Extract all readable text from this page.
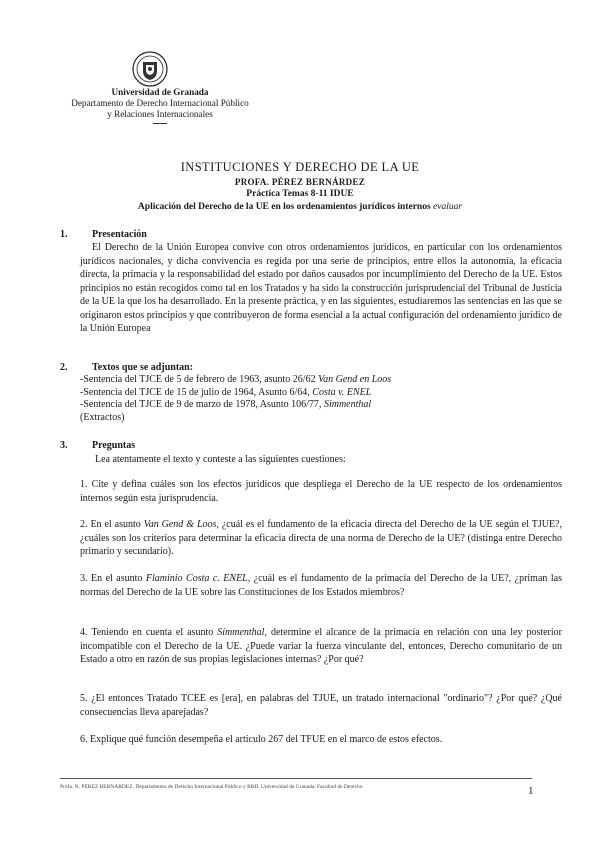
Universidad de Granada
Departamento de Derecho Internacional Público
y Relaciones Internacionales
INSTITUCIONES Y DERECHO DE LA UE
PROFA. PÉREZ BERNÁRDEZ
Práctica Temas 8-11 IDUE
Aplicación del Derecho de la UE en los ordenamientos jurídicos internos evaluar
1. Presentación
El Derecho de la Unión Europea convive con otros ordenamientos jurídicos, en particular con los ordenamientos jurídicos nacionales, y dicha convivencia es regida por una serie de principios, entre ellos la autonomía, la eficacia directa, la primacía y la responsabilidad del estado por daños causados por incumplimiento del Derecho de la UE. Estos principios no están recogidos como tal en los Tratados y ha sido la construcción jurisprudencial del Tribunal de Justicia de la UE la que los ha desarrollado. En la presente práctica, y en las siguientes, estudiaremos las sentencias en las que se originaron estos principios y que contribuyeron de forma esencial a la actual configuración del ordenamiento jurídico de la Unión Europea
2. Textos que se adjuntan:
-Sentencia del TJCE de 5 de febrero de 1963, asunto 26/62 Van Gend en Loos
-Sentencia del TJCE de 15 de julio de 1964, Asunto 6/64, Costa v. ENEL
-Sentencia del TJCE de 9 de marzo de 1978, Asunto 106/77, Simmenthal
(Extractos)
3. Preguntas
Lea atentamente el texto y conteste a las siguientes cuestiones:
1. Cite y defina cuáles son los efectos jurídicos que despliega el Derecho de la UE respecto de los ordenamientos internos según esta jurisprudencia.
2. En el asunto Van Gend & Loos, ¿cuál es el fundamento de la eficacia directa del Derecho de la UE según el TJUE?, ¿cuáles son los criterios para determinar la eficacia directa de una norma de Derecho de la UE? (distinga entre Derecho primario y secundario).
3. En el asunto Flaminio Costa c. ENEL, ¿cuál es el fundamento de la primacía del Derecho de la UE?, ¿priman las normas del Derecho de la UE sobre las Constituciones de los Estados miembros?
4. Teniendo en cuenta el asunto Simmenthal, determine el alcance de la primacía en relación con una ley posterior incompatible con el Derecho de la UE. ¿Puede variar la fuerza vinculante del, entonces, Derecho comunitario de un Estado a otro en razón de sus propias legislaciones internas? ¿Por qué?
5. ¿El entonces Tratado TCEE es [era], en palabras del TJUE, un tratado internacional "ordinario"? ¿Por qué? ¿Qué consecuencias lleva aparejadas?
6. Explique qué función desempeña el artículo 267 del TFUE en el marco de estos efectos.
Profa. N. PÉREZ BERNÁRDEZ. Departamento de Derecho Internacional Público y RRII. Universidad de Granada. Facultad de Derecho	1
